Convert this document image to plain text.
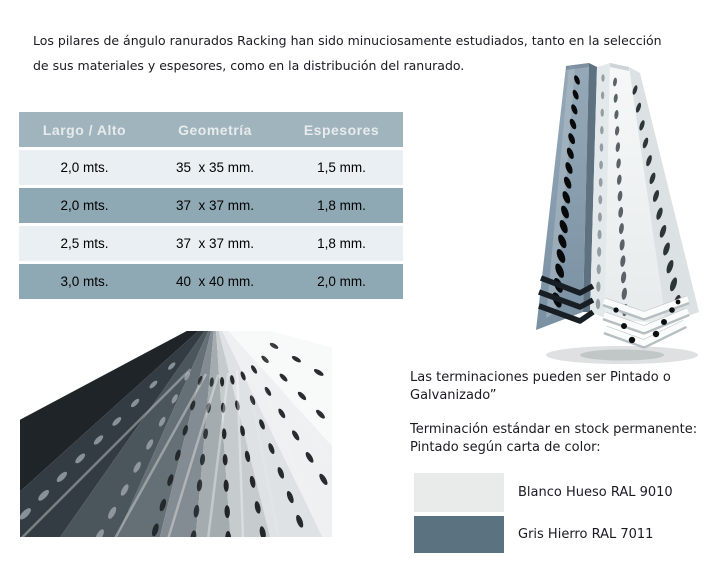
Los pilares de ángulo ranurados Racking han sido minuciosamente estudiados, tanto en la selección
de sus materiales y espesores, como en la distribución del ranurado.
Largo / Alto	Geometría	Espesores
2,0 mts.	35  x 35 mm.	1,5 mm.
2,0 mts.	37  x 37 mm.	1,8 mm.
2,5 mts.	37  x 37 mm.	1,8 mm.
3,0 mts.	40  x 40 mm.	2,0 mm.
Las terminaciones pueden ser Pintado o
Galvanizado”
Terminación estándar en stock permanente:
Pintado según carta de color:
Blanco Hueso RAL 9010
Gris Hierro RAL 7011
